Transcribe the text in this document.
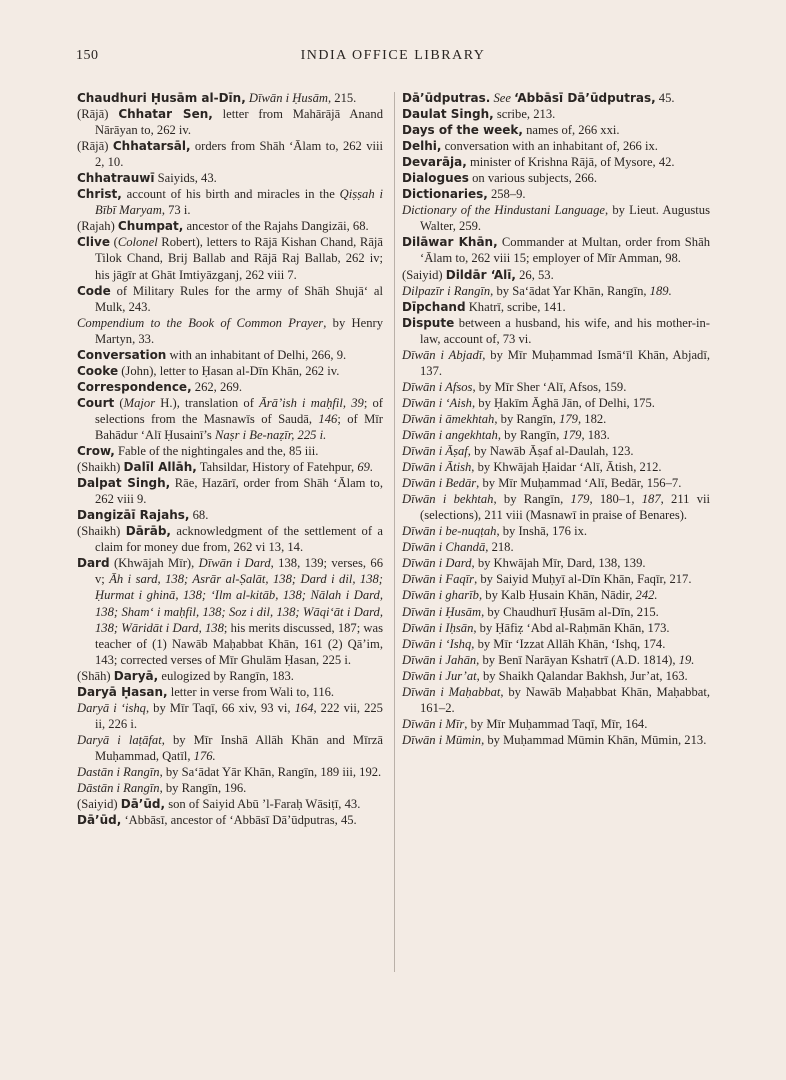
150	INDIA OFFICE LIBRARY

Chaudhuri Ḥusām al-Dīn, Dīwān i Ḥusām, 215.

(Rājā) Chhatar Sen, letter from Mahārājā Anand Nārāyan to, 262 iv.

(Rājā) Chhatarsāl, orders from Shāh ‘Ālam to, 262 viii 2, 10.

Chhatrauwī Saiyids, 43.

Christ, account of his birth and miracles in the Qiṣṣah i Bībī Maryam, 73 i.

(Rajah) Chumpat, ancestor of the Rajahs Dangizāi, 68.

Clive (Colonel Robert), letters to Rājā Kishan Chand, Rājā Tilok Chand, Brij Ballab and Rājā Raj Ballab, 262 iv; his jāgīr at Ghāt Imtiyāzganj, 262 viii 7.

Code of Military Rules for the army of Shāh Shujā‘ al Mulk, 243.

Compendium to the Book of Common Prayer, by Henry Martyn, 33.

Conversation with an inhabitant of Delhi, 266, 9.

Cooke (John), letter to Ḥasan al-Dīn Khān, 262 iv.

Correspondence, 262, 269.

Court (Major H.), translation of Ārā’ish i maḥfil, 39; of selections from the Masnawīs of Saudā, 146; of Mīr Bahādur ‘Alī Ḥusainī’s Naṣr i Be-naẓīr, 225 i.

Crow, Fable of the nightingales and the, 85 iii.

(Shaikh) Dalīl Allāh, Tahsildar, History of Fatehpur, 69.

Dalpat Singh, Rāe, Hazārī, order from Shāh ‘Ālam to, 262 viii 9.

Dangizāī Rajahs, 68.

(Shaikh) Dārāb, acknowledgment of the settlement of a claim for money due from, 262 vi 13, 14.

Dard (Khwājah Mīr), Dīwān i Dard, 138, 139; verses, 66 v; Āh i sard, 138; Asrār al-Ṣalāt, 138; Dard i dil, 138; Ḥurmat i ghinā, 138; ‘Ilm al-kitāb, 138; Nālah i Dard, 138; Sham‘ i maḥfil, 138; Soz i dil, 138; Wāqi‘āt i Dard, 138; Wāridāt i Dard, 138; his merits discussed, 187; was teacher of (1) Nawāb Maḥabbat Khān, 161 (2) Qā’im, 143; corrected verses of Mīr Ghulām Ḥasan, 225 i.

(Shāh) Daryā, eulogized by Rangīn, 183.

Daryā Ḥasan, letter in verse from Wali to, 116.

Daryā i ‘ishq, by Mīr Taqī, 66 xiv, 93 vi, 164, 222 vii, 225 ii, 226 i.

Daryā i laṭāfat, by Mīr Inshā Allāh Khān and Mīrzā Muḥammad, Qatīl, 176.

Dastān i Rangīn, by Sa‘ādat Yār Khān, Rangīn, 189 iii, 192.

Dāstān i Rangīn, by Rangīn, 196.

(Saiyid) Dā’ūd, son of Saiyid Abū ’l-Faraḥ Wāsiṭī, 43.

Dā’ūd, ‘Abbāsī, ancestor of ‘Abbāsī Dā’ūdputras, 45.

Dā’ūdputras. See ‘Abbāsī Dā’ūdputras, 45.

Daulat Singh, scribe, 213.

Days of the week, names of, 266 xxi.

Delhi, conversation with an inhabitant of, 266 ix.

Devarāja, minister of Krishna Rājā, of Mysore, 42.

Dialogues on various subjects, 266.

Dictionaries, 258–9.

Dictionary of the Hindustani Language, by Lieut. Augustus Walter, 259.

Dilāwar Khān, Commander at Multan, order from Shāh ‘Ālam to, 262 viii 15; employer of Mīr Amman, 98.

(Saiyid) Dildār ‘Alī, 26, 53.

Dilpazīr i Rangīn, by Sa‘ādat Yar Khān, Rangīn, 189.

Dīpchand Khatrī, scribe, 141.

Dispute between a husband, his wife, and his mother-in-law, account of, 73 vi.

Dīwān i Abjadī, by Mīr Muḥammad Ismā‘īl Khān, Abjadī, 137.

Dīwān i Afsos, by Mīr Sher ‘Alī, Afsos, 159.

Dīwān i ‘Aish, by Ḥakīm Āghā Jān, of Delhi, 175.

Dīwān i āmekhtah, by Rangīn, 179, 182.

Dīwān i angekhtah, by Rangīn, 179, 183.

Dīwān i Āṣaf, by Nawāb Āṣaf al-Daulah, 123.

Dīwān i Ātish, by Khwājah Ḥaidar ‘Alī, Ātish, 212.

Dīwān i Bedār, by Mīr Muḥammad ‘Alī, Bedār, 156–7.

Dīwān i bekhtah, by Rangīn, 179, 180–1, 187, 211 vii (selections), 211 viii (Masnawī in praise of Benares).

Dīwān i be-nuqṭah, by Inshā, 176 ix.

Dīwān i Chandā, 218.

Dīwān i Dard, by Khwājah Mīr, Dard, 138, 139.

Dīwān i Faqīr, by Saiyid Muḥyī al-Dīn Khān, Faqīr, 217.

Dīwān i gharīb, by Kalb Ḥusain Khān, Nādir, 242.

Dīwān i Ḥusām, by Chaudhurī Ḥusām al-Dīn, 215.

Dīwān i Iḥsān, by Ḥāfiẓ ‘Abd al-Raḥmān Khān, 173.

Dīwān i ‘Ishq, by Mīr ‘Izzat Allāh Khān, ‘Ishq, 174.

Dīwān i Jahān, by Benī Narāyan Kshatrī (A.D. 1814), 19.

Dīwān i Jur’at, by Shaikh Qalandar Bakhsh, Jur’at, 163.

Dīwān i Maḥabbat, by Nawāb Maḥabbat Khān, Maḥabbat, 161–2.

Dīwān i Mīr, by Mīr Muḥammad Taqī, Mīr, 164.

Dīwān i Mūmin, by Muḥammad Mūmin Khān, Mūmin, 213.
